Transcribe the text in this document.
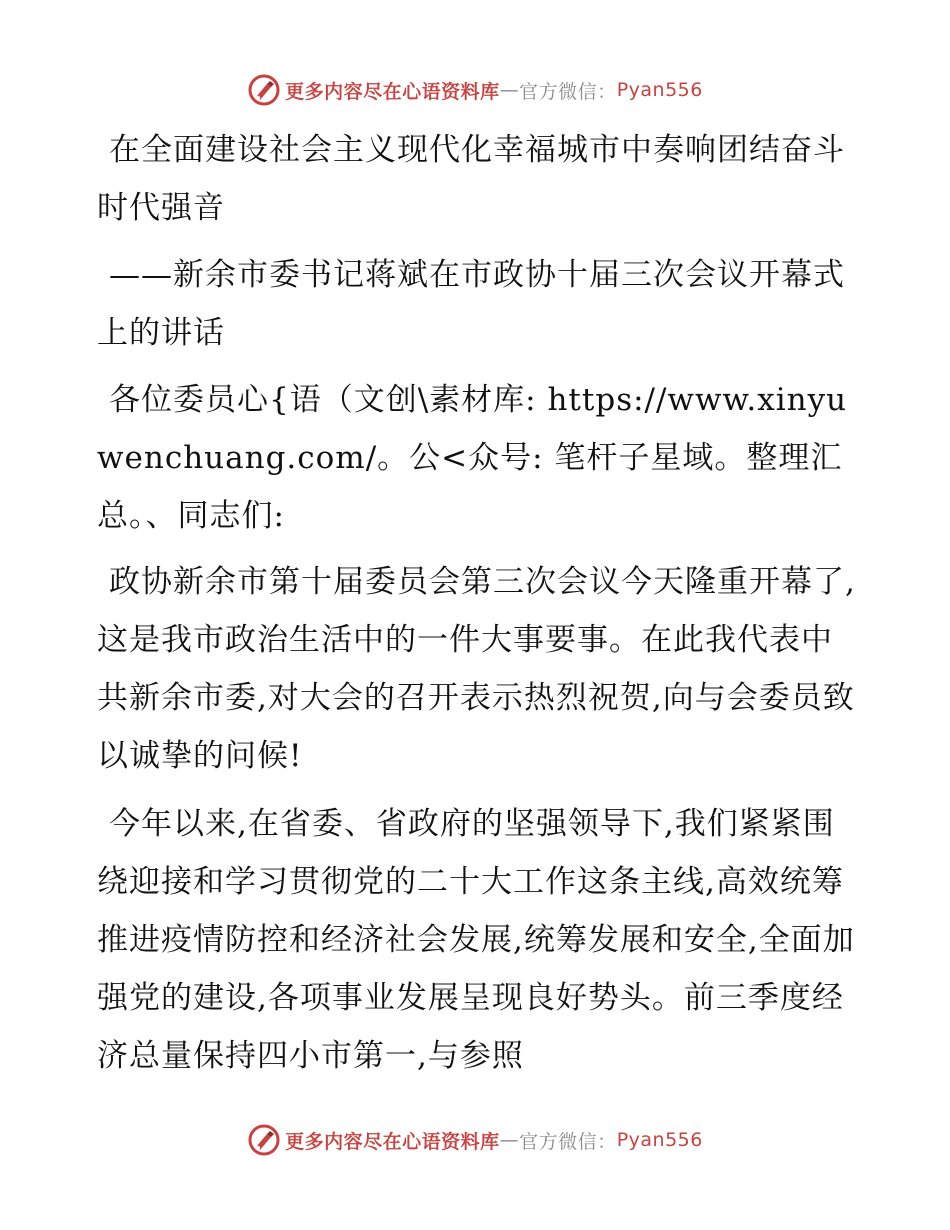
更多内容尽在心语资料库 — 官方微信： Pyan556

在全面建设社会主义现代化幸福城市中奏响团结奋斗时代强音

——新余市委书记蒋斌在市政协十届三次会议开幕式上的讲话

各位委员心{语（文创\素材库: https://www.xinyuwenchuang.com/。公<众号: 笔杆子星域。整理汇总。、同志们:

政协新余市第十届委员会第三次会议今天隆重开幕了,这是我市政治生活中的一件大事要事。在此我代表中共新余市委,对大会的召开表示热烈祝贺,向与会委员致以诚挚的问候!

今年以来,在省委、省政府的坚强领导下,我们紧紧围绕迎接和学习贯彻党的二十大工作这条主线,高效统筹推进疫情防控和经济社会发展,统筹发展和安全,全面加强党的建设,各项事业发展呈现良好势头。前三季度经济总量保持四小市第一,与参照

更多内容尽在心语资料库 — 官方微信： Pyan556
